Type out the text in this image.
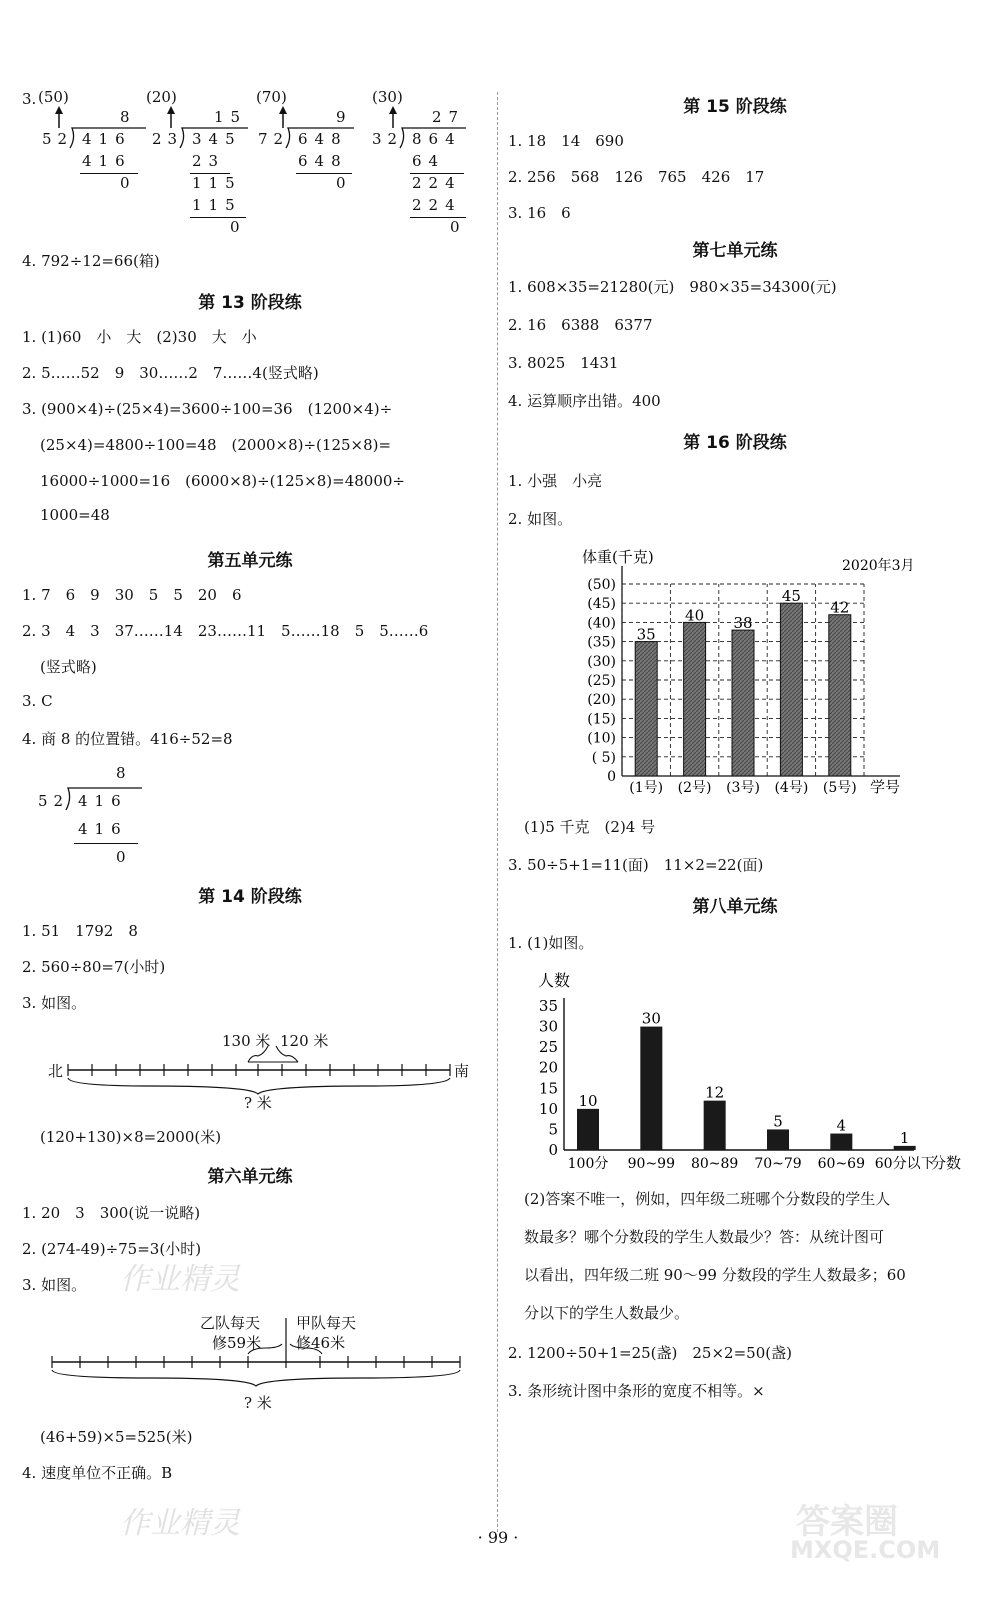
3. (50)
8
52 416
416
0
(20)
15
23 345
23
115
115
0
(70)
9
72 648
648
0
(30)
27
32 864
64
224
224
0
4. 792÷12=66(箱)
第 13 阶段练
1. (1)60　小　大　(2)30　大　小
2. 5……52　9　30……2　7……4(竖式略)
3. (900×4)÷(25×4)=3600÷100=36　(1200×4)÷
(25×4)=4800÷100=48　(2000×8)÷(125×8)=
16000÷1000=16　(6000×8)÷(125×8)=48000÷
1000=48
第五单元练
1. 7　6　9　30　5　5　20　6
2. 3　4　3　37……14　23……11　5……18　5　5……6
(竖式略)
3. C
4. 商 8 的位置错。416÷52=8
8
52 416
416
0
第 14 阶段练
1. 51　1792　8
2. 560÷80=7(小时)
3. 如图。
130 米 120 米
北	南
? 米
(120+130)×8=2000(米)
第六单元练
1. 20　3　300(说一说略)
2. (274-49)÷75=3(小时)
3. 如图。
乙队每天
修59米
甲队每天
修46米
? 米
(46+59)×5=525(米)
4. 速度单位不正确。B
第 15 阶段练
1. 18　14　690
2. 256　568　126　765　426　17
3. 16　6
第七单元练
1. 608×35=21280(元)　980×35=34300(元)
2. 16　6388　6377
3. 8025　1431
4. 运算顺序出错。400
第 16 阶段练
1. 小强　小亮
2. 如图。
0
( 5)
(10)
(15)
(20)
(25)
(30)
(35)
(40)
(45)
(50)
35
(1号)
40
(2号)
38
(3号)
45
(4号)
42
(5号)
体重(千克)	2020年3月
学号
(1)5 千克　(2)4 号
3. 50÷5+1=11(面)　11×2=22(面)
第八单元练
1. (1)如图。
0
5
10
15
20
25
30
35
10
100分
30
90~99
12
80~89
5
70~79
4
60~69
1
60分以下
分数
人数
(2)答案不唯一，例如，四年级二班哪个分数段的学生人
数最多？哪个分数段的学生人数最少？答：从统计图可
以看出，四年级二班 90～99 分数段的学生人数最多；60
分以下的学生人数最少。
2. 1200÷50+1=25(盏)　25×2=50(盏)
3. 条形统计图中条形的宽度不相等。×
· 99 ·
作业精灵
作业精灵	答案圈
MXQE.COM
